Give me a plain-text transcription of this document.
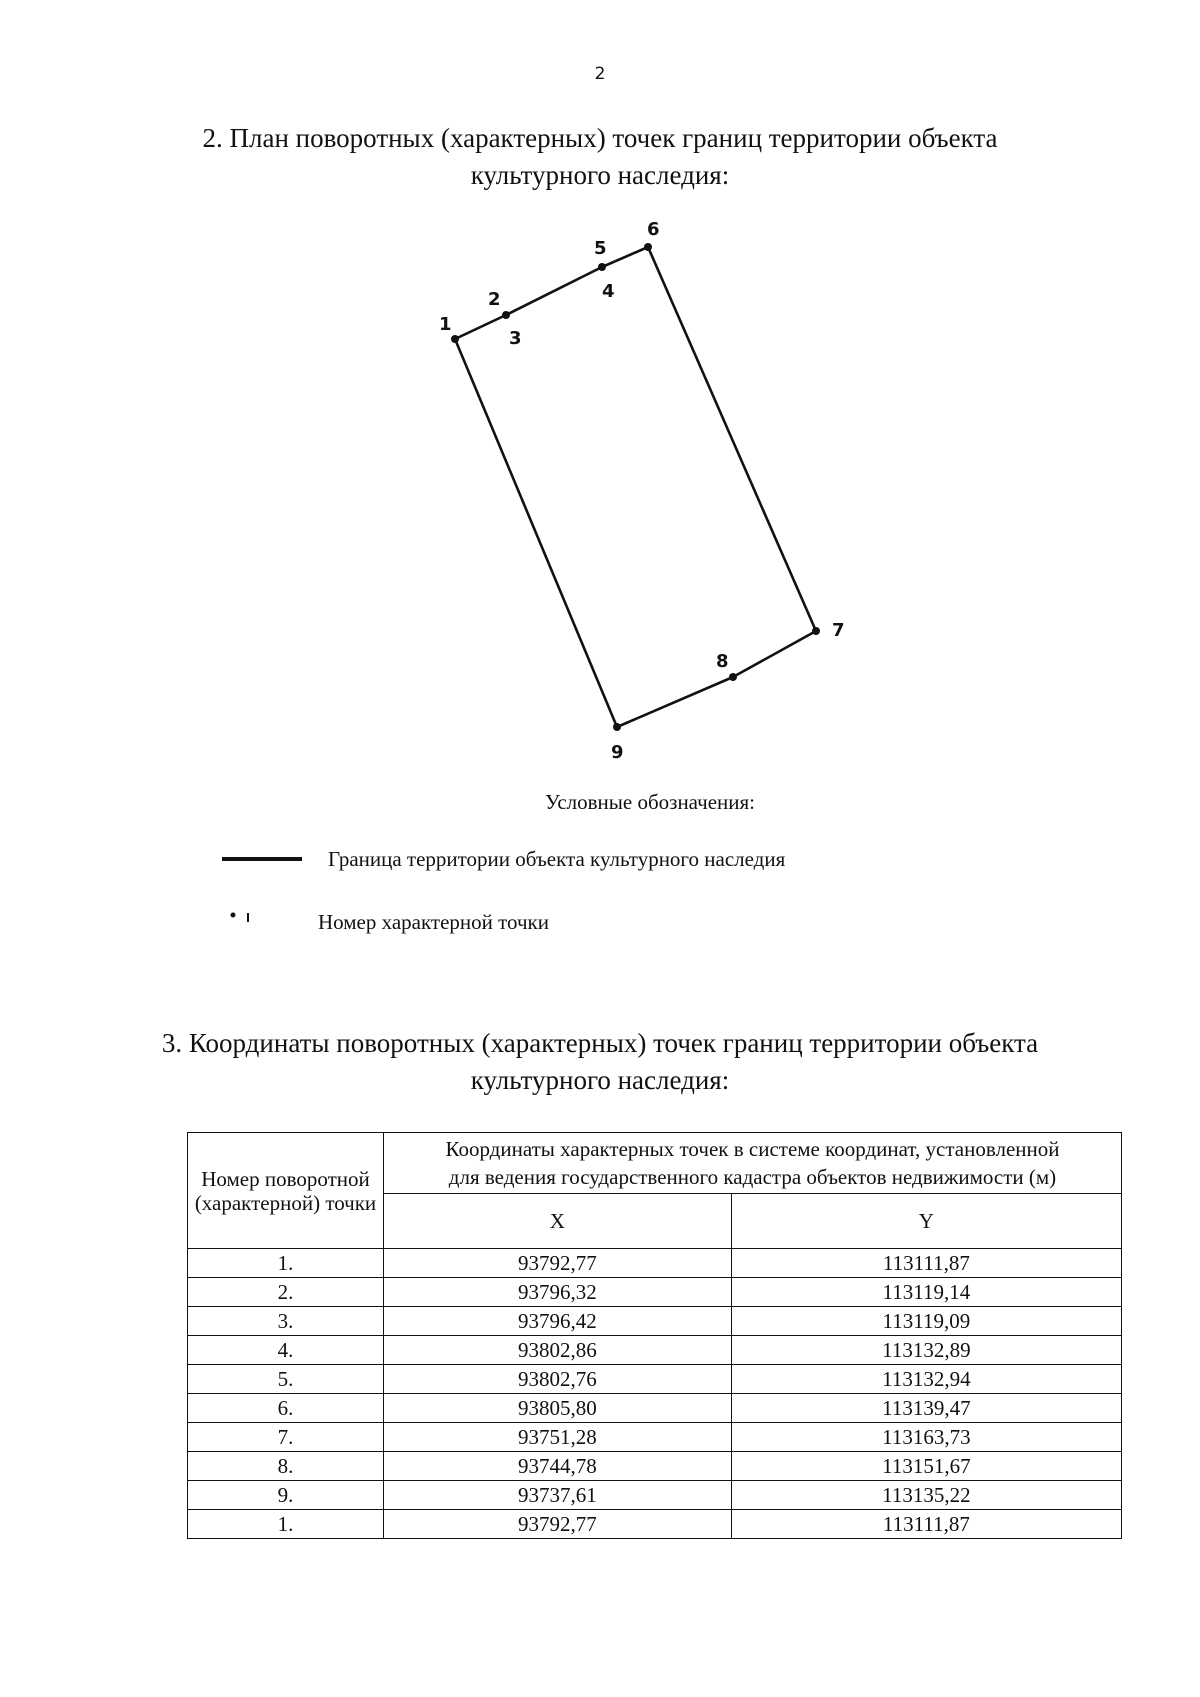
2
2. План поворотных (характерных) точек границ территории объекта
культурного наследия:
1
2
3
4
5
6
7
8
9
Условные обозначения:
Граница территории объекта культурного наследия
Номер характерной точки
3. Координаты поворотных (характерных) точек границ территории объекта
культурного наследия:
Номер поворотной (характерной) точки	Координаты характерных точек в системе координат, установленной
для ведения государственного кадастра объектов недвижимости (м)	

	X	Y
1.	93792,77	113111,87
2.	93796,32	113119,14
3.	93796,42	113119,09
4.	93802,86	113132,89
5.	93802,76	113132,94
6.	93805,80	113139,47
7.	93751,28	113163,73
8.	93744,78	113151,67
9.	93737,61	113135,22
1.	93792,77	113111,87
